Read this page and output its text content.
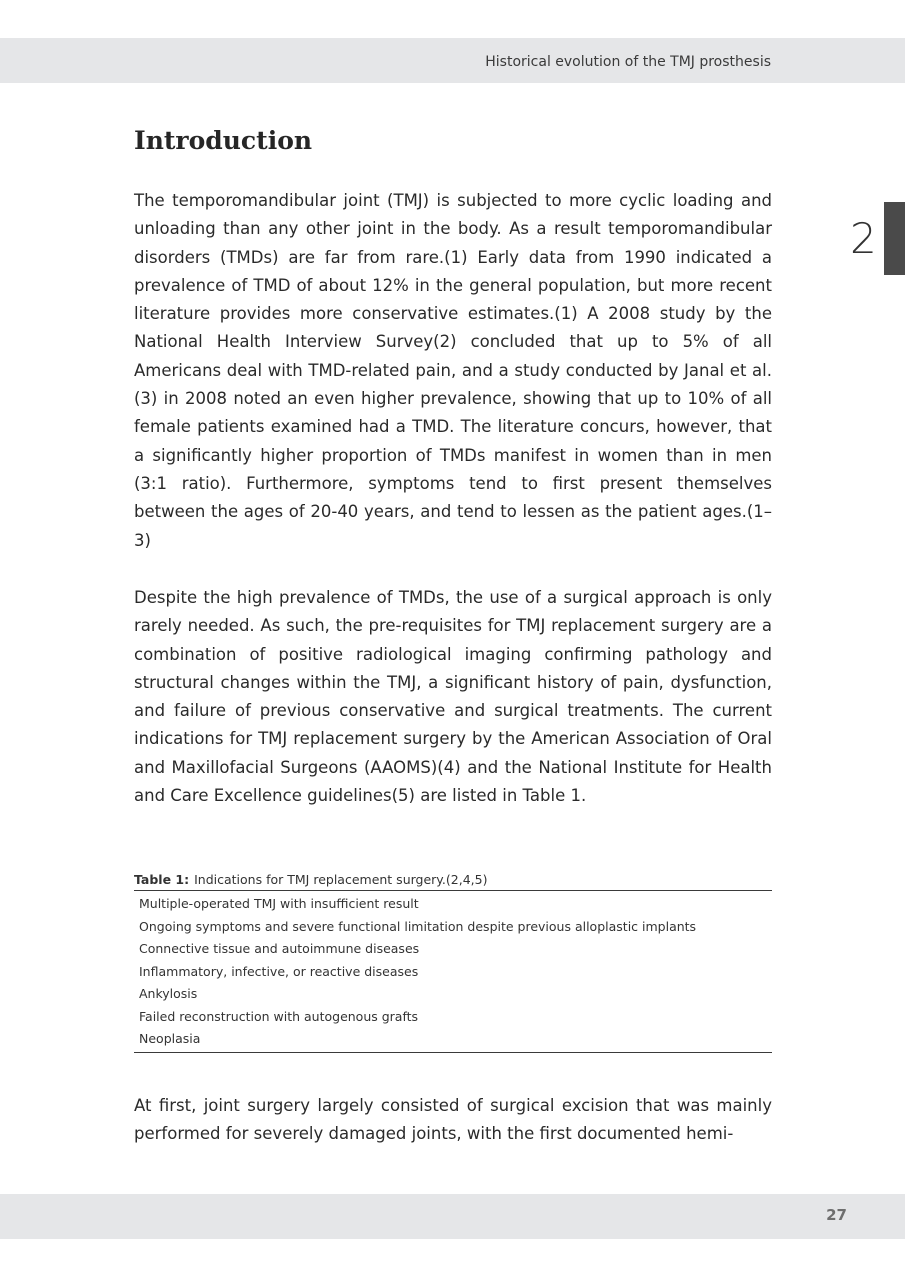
Historical evolution of the TMJ prosthesis
2
Introduction

The temporomandibular joint (TMJ) is subjected to more cyclic loading and unloading than any other joint in the body. As a result temporomandibular disorders (TMDs) are far from rare.(1) Early data from 1990 indicated a prevalence of TMD of about 12% in the general population, but more recent literature provides more conservative estimates.(1) A 2008 study by the National Health Interview Survey(2) concluded that up to 5% of all Americans deal with TMD-related pain, and a study conducted by Janal et al.(3) in 2008 noted an even higher prevalence, showing that up to 10% of all female patients examined had a TMD. The literature concurs, however, that a significantly higher proportion of TMDs manifest in women than in men (3:1 ratio). Furthermore, symptoms tend to first present themselves between the ages of 20-40 years, and tend to lessen as the patient ages.(1–3)

Despite the high prevalence of TMDs, the use of a surgical approach is only rarely needed. As such, the pre-requisites for TMJ replacement surgery are a combination of positive radiological imaging confirming pathology and structural changes within the TMJ, a significant history of pain, dysfunction, and failure of previous conservative and surgical treatments. The current indications for TMJ replacement surgery by the American Association of Oral and Maxillofacial Surgeons (AAOMS)(4) and the National Institute for Health and Care Excellence guidelines(5) are listed in Table 1.

Table 1: Indications for TMJ replacement surgery.(2,4,5)
Multiple-operated TMJ with insufficient result
Ongoing symptoms and severe functional limitation despite previous alloplastic implants
Connective tissue and autoimmune diseases
Inflammatory, infective, or reactive diseases
Ankylosis
Failed reconstruction with autogenous grafts
Neoplasia

At first, joint surgery largely consisted of surgical excision that was mainly performed for severely damaged joints, with the first documented hemi-

27
